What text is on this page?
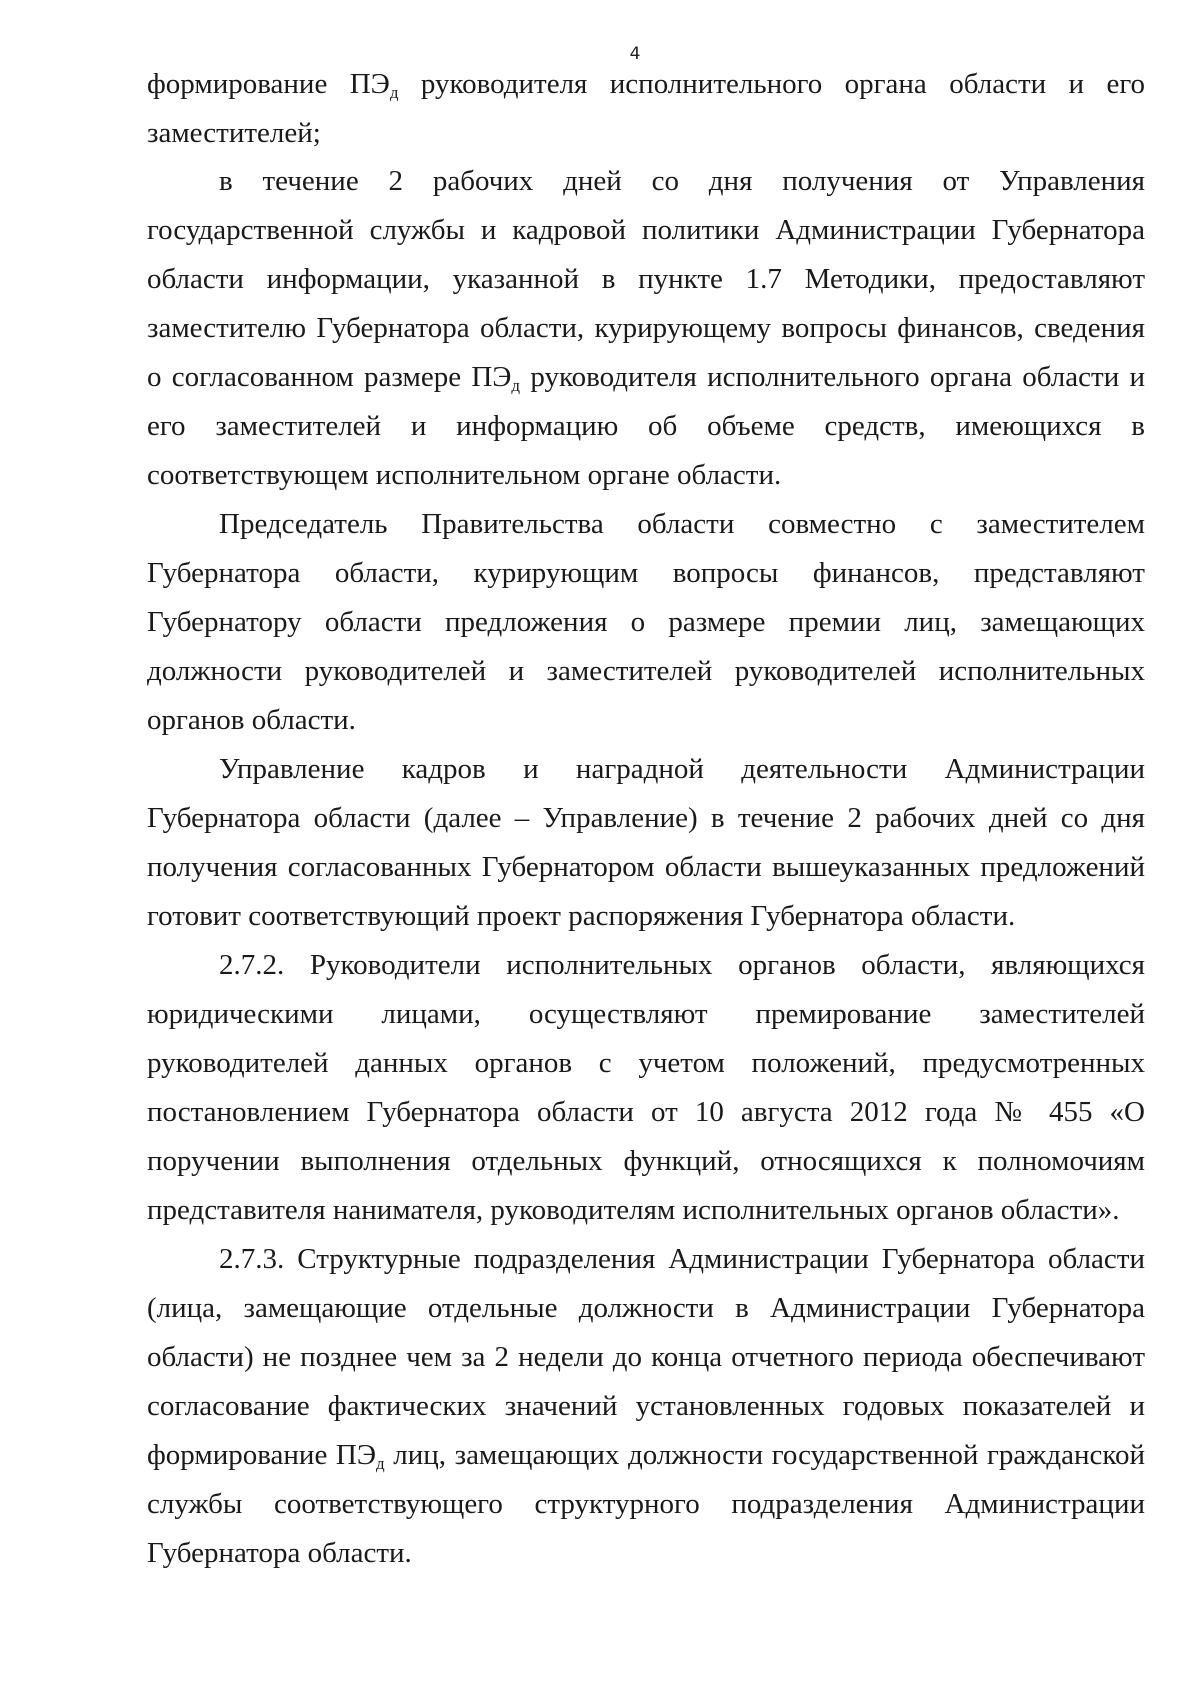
4

формирование $ПЭ_д$ руководителя исполнительного органа области и его заместителей;

в течение 2 рабочих дней со дня получения от Управления государственной службы и кадровой политики Администрации Губернатора области информации, указанной в пункте 1.7 Методики, предоставляют заместителю Губернатора области, курирующему вопросы финансов, сведения о согласованном размере $ПЭ_д$ руководителя исполнительного органа области и его заместителей и информацию об объеме средств, имеющихся в соответствующем исполнительном органе области.

Председатель Правительства области совместно с заместителем Губернатора области, курирующим вопросы финансов, представляют Губернатору области предложения о размере премии лиц, замещающих должности руководителей и заместителей руководителей исполнительных органов области.

Управление кадров и наградной деятельности Администрации Губернатора области (далее – Управление) в течение 2 рабочих дней со дня получения согласованных Губернатором области вышеуказанных предложений готовит соответствующий проект распоряжения Губернатора области.

2.7.2. Руководители исполнительных органов области, являющихся юридическими лицами, осуществляют премирование заместителей руководителей данных органов с учетом положений, предусмотренных постановлением Губернатора области от 10 августа 2012 года № 455 «О поручении выполнения отдельных функций, относящихся к полномочиям представителя нанимателя, руководителям исполнительных органов области».

2.7.3. Структурные подразделения Администрации Губернатора области (лица, замещающие отдельные должности в Администрации Губернатора области) не позднее чем за 2 недели до конца отчетного периода обеспечивают согласование фактических значений установленных годовых показателей и формирование $ПЭ_д$ лиц, замещающих должности государственной гражданской службы соответствующего структурного подразделения Администрации Губернатора области.
